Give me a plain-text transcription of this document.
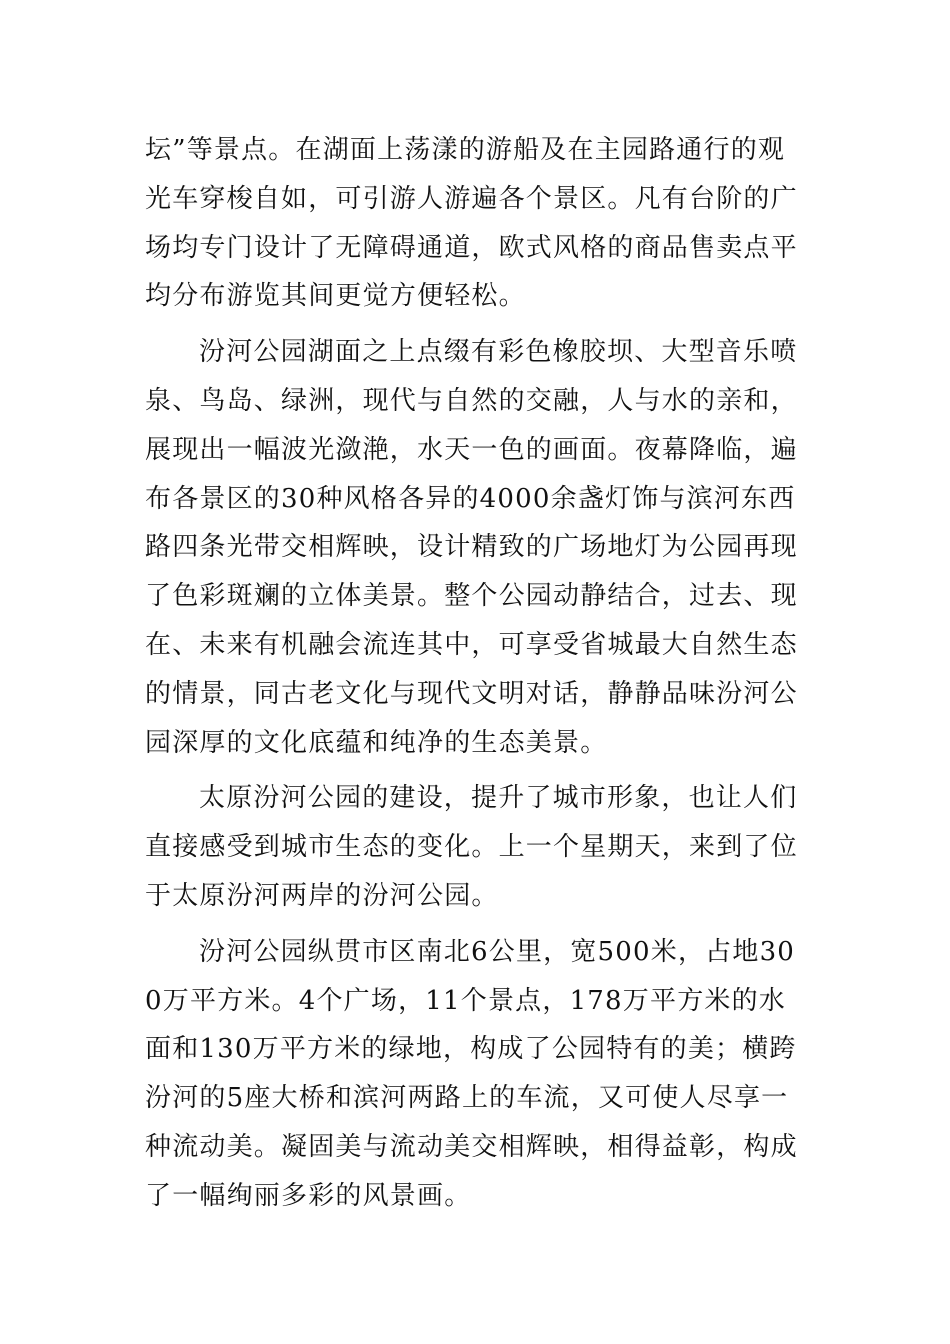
坛”等景点。在湖面上荡漾的游船及在主园路通行的观光车穿梭自如，可引游人游遍各个景区。凡有台阶的广场均专门设计了无障碍通道，欧式风格的商品售卖点平均分布游览其间更觉方便轻松。

汾河公园湖面之上点缀有彩色橡胶坝、大型音乐喷泉、鸟岛、绿洲，现代与自然的交融，人与水的亲和，展现出一幅波光潋滟，水天一色的画面。夜幕降临，遍布各景区的30种风格各异的4000余盏灯饰与滨河东西路四条光带交相辉映，设计精致的广场地灯为公园再现了色彩斑斓的立体美景。整个公园动静结合，过去、现在、未来有机融会流连其中，可享受省城最大自然生态的情景，同古老文化与现代文明对话，静静品味汾河公园深厚的文化底蕴和纯净的生态美景。

太原汾河公园的建设，提升了城市形象，也让人们直接感受到城市生态的变化。上一个星期天，来到了位于太原汾河两岸的汾河公园。

汾河公园纵贯市区南北6公里，宽500米，占地300万平方米。4个广场，11个景点，178万平方米的水面和130万平方米的绿地，构成了公园特有的美；横跨汾河的5座大桥和滨河两路上的车流，又可使人尽享一种流动美。凝固美与流动美交相辉映，相得益彰，构成了一幅绚丽多彩的风景画。
